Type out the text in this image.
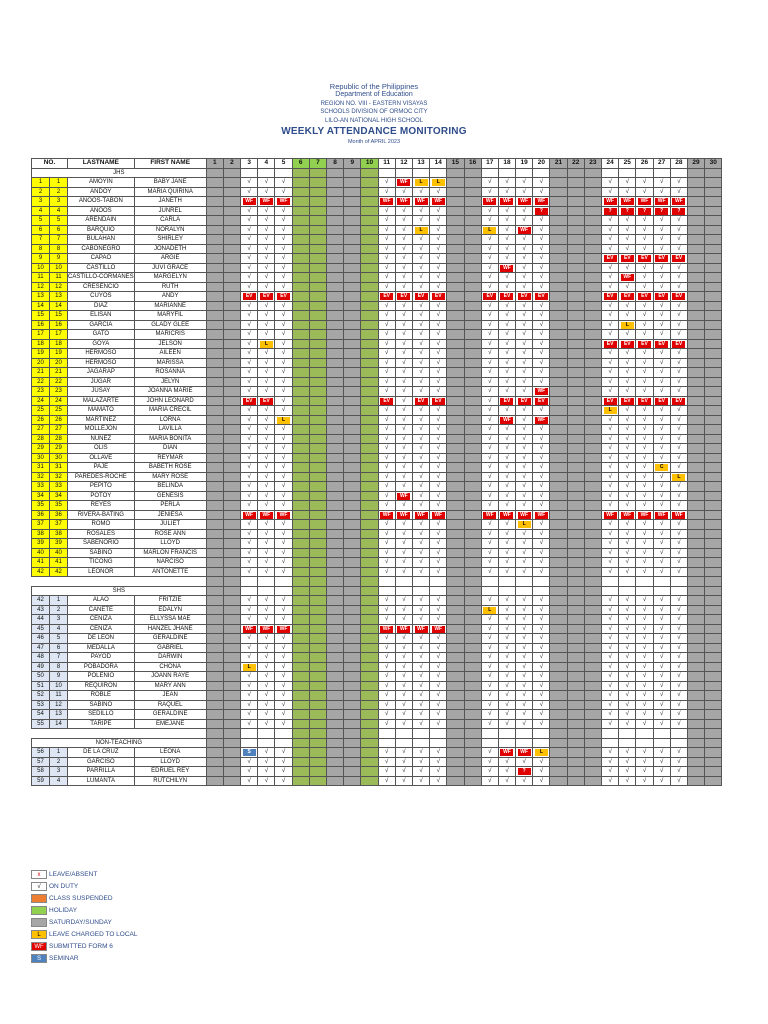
Republic of the Philippines
Department of Education
REGION NO. VIII - EASTERN VISAYAS
SCHOOLS DIVISION OF ORMOC CITY
LILO-AN NATIONAL HIGH SCHOOL
WEEKLY ATTENDANCE MONITORING
Month of APRIL 2023
NO.		LASTNAME	FIRST NAME	1	2	3	4	5	6	7	8	9	10	11	12	13	14	15	16	17	18	19	20	21	22	23	24	25	26	27	28	29	30
JHS																																	
1	1	AMOYIN	BABY JANE			√	√	√						√	WF	L	L			√	√	√	√				√	√	√	√	√		
2	2	ANDOY	MARIA QUIRINA			√	√	√						√	√	√	√			√	√	√	√				√	√	√	√	√		
3	3	ANOOS-TABON	JANETH			WF	WF	WF						WF	WF	WF	WF			WF	WF	WF	WF				WF	WF	WF	WF	WF		
4	4	ANOOS	JUNREL			√	√	√						√	√	√	√			√	√	√	?				?	?	?	?	?		
5	5	ARENDAIN	CARLA			√	√	√						√	√	√	√			√	√	√	√				√	√	√	√	√		
6	6	BARQUIO	NORALYN			√	√	√						√	√	L	√			L	√	WF	√				√	√	√	√	√		
7	7	BULAHAN	SHIRLEY			√	√	√						√	√	√	√			√	√	√	√				√	√	√	√	√		
8	8	CABONEGRO	JONADETH			√	√	√						√	√	√	√			√	√	√	√				√	√	√	√	√		
9	9	CAPAO	ARGIE			√	√	√						√	√	√	√			√	√	√	√				EV	EV	EV	EV	EV		
10	10	CASTILLO	JUVI GRACE			√	√	√						√	√	√	√			√	WF	√	√				√	√	√	√	√		
11	11	CASTILLO-CORMANES	MARGELYN			√	√	√						√	√	√	√			√	√	√	√				√	WF	√	√	√		
12	12	CRESENCIO	RUTH			√	√	√						√	√	√	√			√	√	√	√				√	√	√	√	√		
13	13	CUYOS	ANDY			EV	EV	EV						EV	EV	EV	EV			EV	EV	EV	EV				EV	EV	EV	EV	EV		
14	14	DIAZ	MARIANNE			√	√	√						√	√	√	√			√	√	√	√				√	√	√	√	√		
15	15	ELISAN	MARYFIL			√	√	√						√	√	√	√			√	√	√	√				√	√	√	√	√		
16	16	GARCIA	GLADY GLEE			√	√	√						√	√	√	√			√	√	√	√				√	L	√	√	√		
17	17	GATO	MARICRIS			√	√	√						√	√	√	√			√	√	√	√				√	√	√	√	√		
18	18	GOYA	JELSON			√	L	√						√	√	√	√			√	√	√	√				EV	EV	EV	EV	EV		
19	19	HERMOSO	AILEEN			√	√	√						√	√	√	√			√	√	√	√				√	√	√	√	√		
20	20	HERMOSO	MARISSA			√	√	√						√	√	√	√			√	√	√	√				√	√	√	√	√		
21	21	JAGARAP	ROSANNA			√	√	√						√	√	√	√			√	√	√	√				√	√	√	√	√		
22	22	JUGAR	JELYN			√	√	√						√	√	√	√			√	√	√	√				√	√	√	√	√		
23	23	JUSAY	JOANNA MARIE			√	√	√						√	√	√	√			√	√	√	WF				√	√	√	√	√		
24	24	MALAZARTE	JOHN LEONARD			EV	EV	√						EV	√	EV	EV			√	EV	EV	EV				EV	EV	EV	EV	EV		
25	25	MAMATO	MARIA CRECIL			√	√	√						√	√	√	√			√	√	√	√				L	√	√	√	√		
26	26	MARTINEZ	LORNA			√	√	L						√	√	√	√			√	WF	√	WF				√	√	√	√	√		
27	27	MOLLEJON	LAVILLA			√	√	√						√	√	√	√			√	√	√	√				√	√	√	√	√		
28	28	NUNEZ	MARIA BONITA			√	√	√						√	√	√	√			√	√	√	√				√	√	√	√	√		
29	29	OLIS	DIAN			√	√	√						√	√	√	√			√	√	√	√				√	√	√	√	√		
30	30	OLLAVE	REYMAR			√	√	√						√	√	√	√			√	√	√	√				√	√	√	√	√		
31	31	PAJE	BABETH ROSE			√	√	√						√	√	√	√			√	√	√	√				√	√	√	C	√		
32	32	PAREDES-ROCHE	MARY ROSE			√	√	√						√	√	√	√			√	√	√	√				√	√	√	√	L		
33	33	PEPITO	BELINDA			√	√	√						√	√	√	√			√	√	√	√				√	√	√	√	√		
34	34	POTOY	GENESIS			√	√	√						√	WF	√	√			√	√	√	√				√	√	√	√	√		
35	35	REYES	PERLA			√	√	√						√	√	√	√			√	√	√	√				√	√	√	√	√		
36	36	RIVERA-BATING	JENIESA			WF	WF	WF						WF	WF	WF	WF			WF	WF	WF	WF				WF	WF	WF	WF	WF		
37	37	ROMO	JULIET			√	√	√						√	√	√	√			√	√	L	√				√	√	√	√	√		
38	38	ROSALES	ROSE ANN			√	√	√						√	√	√	√			√	√	√	√				√	√	√	√	√		
39	39	SABENORIO	LLOYD			√	√	√						√	√	√	√			√	√	√	√				√	√	√	√	√		
40	40	SABINO	MARLON FRANCIS			√	√	√						√	√	√	√			√	√	√	√				√	√	√	√	√		
41	41	TICONG	NARCISO			√	√	√						√	√	√	√			√	√	√	√				√	√	√	√	√		
42	42	LEONOR	ANTONETTE			√	√	√						√	√	√	√			√	√	√	√				√	√	√	√	√		

SHS																																	
42	1	ALAO	FRITZIE			√	√	√						√	√	√	√			√	√	√	√				√	√	√	√	√		
43	2	CANETE	EDALYN			√	√	√						√	√	√	√			L	√	√	√				√	√	√	√	√		
44	3	CENIZA	ELLYSSA MAE			√	√	√						√	√	√	√			√	√	√	√				√	√	√	√	√		
45	4	CENIZA	HANZEL JHANE			WF	WF	WF						WF	WF	WF	WF			√	√	√	√				√	√	√	√	√		
46	5	DE LEON	GERALDINE			√	√	√						√	√	√	√			√	√	√	√				√	√	√	√	√		
47	6	MEDALLA	GABRIEL			√	√	√						√	√	√	√			√	√	√	√				√	√	√	√	√		
48	7	PAYOD	DARWIN			√	√	√						√	√	√	√			√	√	√	√				√	√	√	√	√		
49	8	POBADORA	CHONA			L	√	√						√	√	√	√			√	√	√	√				√	√	√	√	√		
50	9	POLENIO	JOANN RAYE			√	√	√						√	√	√	√			√	√	√	√				√	√	√	√	√		
51	10	REQUIRON	MARY ANN			√	√	√						√	√	√	√			√	√	√	√				√	√	√	√	√		
52	11	ROBLE	JEAN			√	√	√						√	√	√	√			√	√	√	√				√	√	√	√	√		
53	12	SABINO	RAQUEL			√	√	√						√	√	√	√			√	√	√	√				√	√	√	√	√		
54	13	SEDILLO	GERALDINE			√	√	√						√	√	√	√			√	√	√	√				√	√	√	√	√		
55	14	TARIPE	EMEJANE			√	√	√						√	√	√	√			√	√	√	√				√	√	√	√	√		

NON-TEACHING																																	
56	1	DE LA CRUZ	LEONA			S	√	√						√	√	√	√			√	WF	WF	L				√	√	√	√	√		
57	2	GARCISO	LLOYD			√	√	√						√	√	√	√			√	√	√	√				√	√	√	√	√		
58	3	PARRILLA	EDRUEL REY			√	√	√						√	√	√	√			√	√	?	√				√	√	√	√	√		
59	4	LUMANTA	RUTCHILYN			√	√	√						√	√	√	√			√	√	√	√				√	√	√	√	√		
x	LEAVE/ABSENT
√	ON DUTY
CLASS SUSPENDED
HOLIDAY
SATURDAY/SUNDAY
L	LEAVE CHARGED TO LOCAL
WF SUBMITTED FORM 6
S	SEMINAR
